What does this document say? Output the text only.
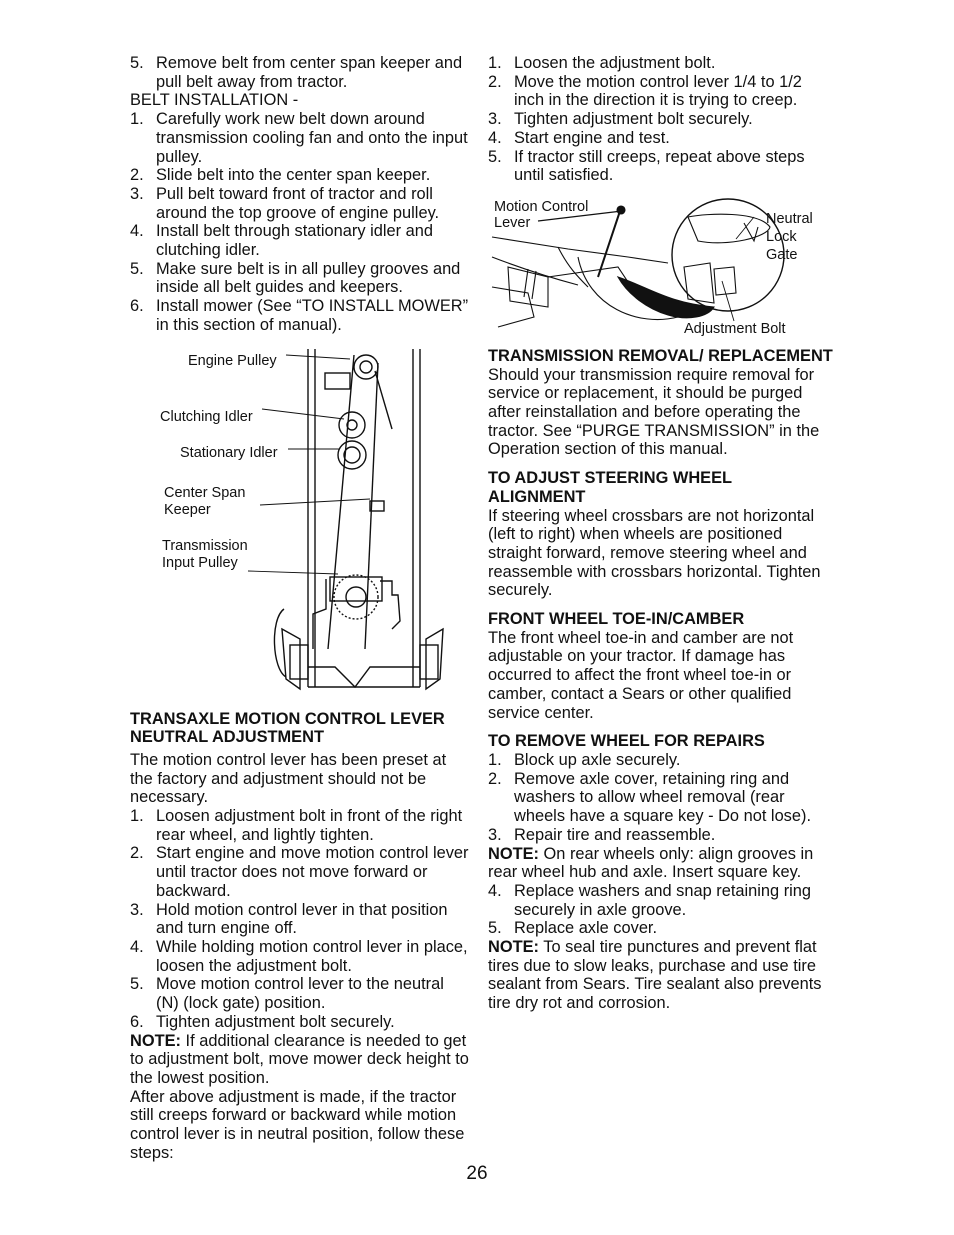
5. Remove belt from center span keeper and pull belt away from tractor.

BELT INSTALLATION -

1. Carefully work new belt down around transmission cooling fan and onto the input pulley.
2. Slide belt into the center span keeper.
3. Pull belt toward front of tractor and roll around the top groove of engine pulley.
4. Install belt through stationary idler and clutching idler.
5. Make sure belt is in all pulley grooves and inside all belt guides and keepers.
6. Install mower (See “TO INSTALL MOWER” in this section of manual).
Engine Pulley
Clutching Idler
Stationary Idler
Center Span
Keeper
Transmission
Input Pulley

TRANSAXLE MOTION CONTROL LEVER NEUTRAL ADJUSTMENT

The motion control lever has been preset at the factory and adjustment should not be necessary.

1. Loosen adjustment bolt in front of the right rear wheel, and lightly tighten.
2. Start engine and move motion control lever until tractor does not move forward or backward.
3. Hold motion control lever in that position and turn engine off.
4. While holding motion control lever in place, loosen the adjustment bolt.
5. Move motion control lever to the neutral (N) (lock gate) position.
6. Tighten adjustment bolt securely.

NOTE: If additional clearance is needed to get to adjustment bolt, move mower deck height to the lowest position.

After above adjustment is made, if the tractor still creeps forward or backward while motion control lever is in neutral position, follow these steps:

1. Loosen the adjustment bolt.
2. Move the motion control lever 1/4 to 1/2 inch in the direction it is trying to creep.
3. Tighten adjustment bolt securely.
4. Start engine and test.
5. If tractor still creeps, repeat above steps until satisfied.
Motion Control
Lever	Neutral
Lock
Gate
Adjustment Bolt

TRANSMISSION REMOVAL/ REPLACEMENT

Should your transmission require removal for service or replacement, it should be purged after reinstallation and before operating the tractor. See “PURGE TRANSMISSION” in the Operation section of this manual.

TO ADJUST STEERING WHEEL ALIGNMENT

If steering wheel crossbars are not horizontal (left to right) when wheels are positioned straight forward, remove steering wheel and reassemble with crossbars horizontal. Tighten securely.

FRONT WHEEL TOE-IN/CAMBER

The front wheel toe-in and camber are not adjustable on your tractor. If damage has occurred to affect the front wheel toe-in or camber, contact a Sears or other qualified service center.

TO REMOVE WHEEL FOR REPAIRS

1. Block up axle securely.
2. Remove axle cover, retaining ring and washers to allow wheel removal (rear wheels have a square key - Do not lose).
3. Repair tire and reassemble.

NOTE: On rear wheels only: align grooves in rear wheel hub and axle. Insert square key.

4. Replace washers and snap retaining ring securely in axle groove.
5. Replace axle cover.

NOTE: To seal tire punctures and prevent flat tires due to slow leaks, purchase and use tire sealant from Sears. Tire sealant also prevents tire dry rot and corrosion.

26
